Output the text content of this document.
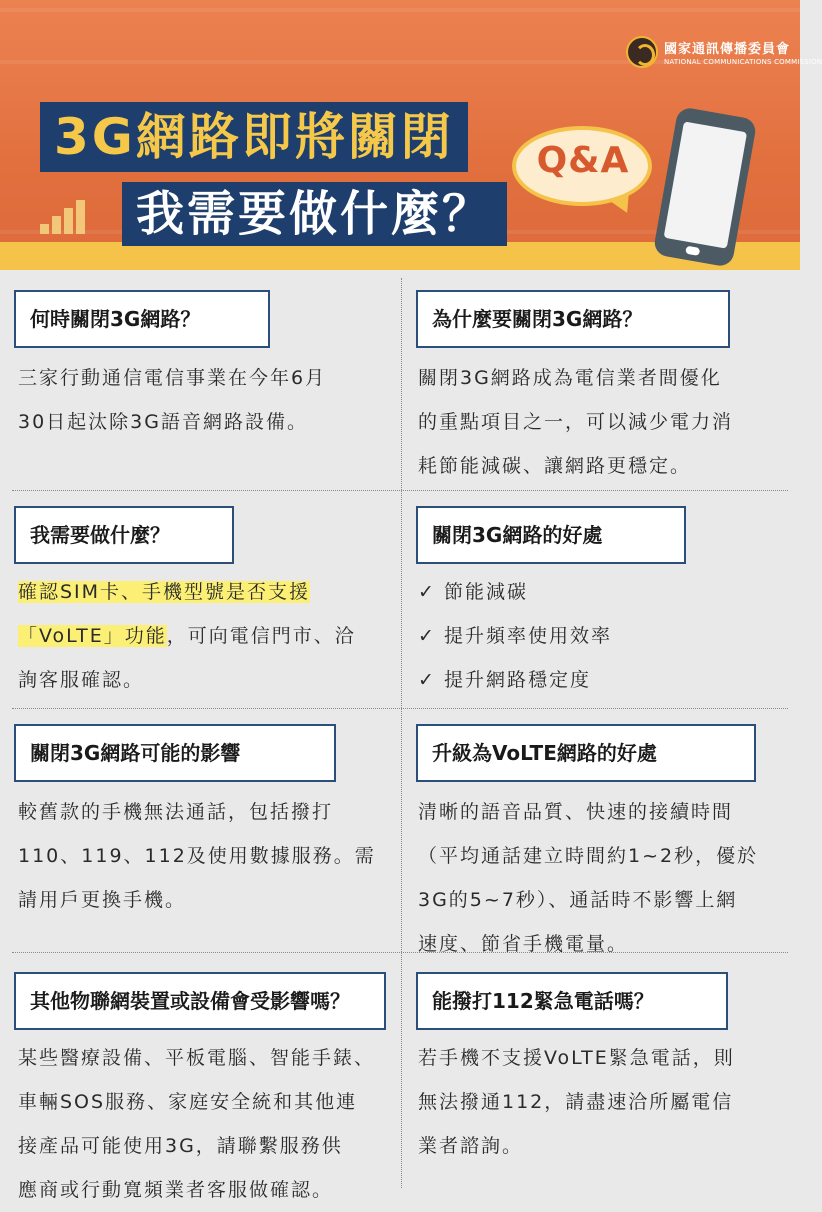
國家通訊傳播委員會
NATIONAL COMMUNICATIONS COMMISSION
3G網路即將關閉
我需要做什麼？
Q&A
何時關閉3G網路？
三家行動通信電信事業在今年6月
30日起汰除3G語音網路設備。
為什麼要關閉3G網路？
關閉3G網路成為電信業者間優化
的重點項目之一，可以減少電力消
耗節能減碳、讓網路更穩定。
我需要做什麼？
確認SIM卡、手機型號是否支援
「VoLTE」功能，可向電信門市、洽
詢客服確認。
關閉3G網路的好處
✓ 節能減碳
✓ 提升頻率使用效率
✓ 提升網路穩定度
關閉3G網路可能的影響
較舊款的手機無法通話，包括撥打
110、119、112及使用數據服務。需
請用戶更換手機。
升級為VoLTE網路的好處
清晰的語音品質、快速的接續時間
（平均通話建立時間約1~2秒，優於
3G的5~7秒）、通話時不影響上網
速度、節省手機電量。
其他物聯網裝置或設備會受影響嗎？
某些醫療設備、平板電腦、智能手錶、
車輛SOS服務、家庭安全統和其他連
接產品可能使用3G，請聯繫服務供
應商或行動寬頻業者客服做確認。
能撥打112緊急電話嗎？
若手機不支援VoLTE緊急電話，則
無法撥通112，請盡速洽所屬電信
業者諮詢。
